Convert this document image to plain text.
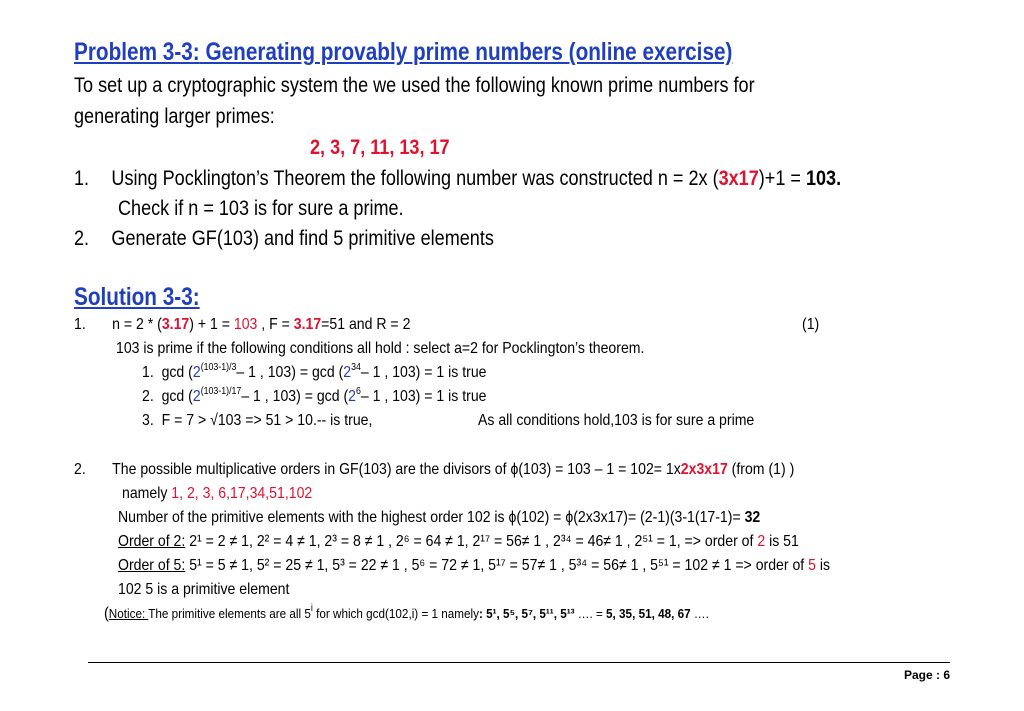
Problem 3-3: Generating provably prime numbers (online exercise)
To set up a cryptographic system the we used the following known prime numbers for
generating larger primes:
2, 3, 7, 11, 13, 17
1. Using Pocklington’s Theorem the following number was constructed n = 2x (3x17)+1 = 103.
Check if n = 103 is for sure a prime.
2. Generate GF(103) and find 5 primitive elements
Solution 3-3:
1. n = 2 * (3.17) + 1 = 103 , F = 3.17=51 and R = 2	(1)
103 is prime if the following conditions all hold : select a=2 for Pocklington’s theorem.
1. $\gcd (2^{(103-1)/3}-$ 1 , $103) = \gcd (2^{34}-$ 1 , 103) = 1 is true
2. $\gcd (2^{(103-1)/17}-$ 1 , $103) = \gcd (2^6-$ 1 , 103) = 1 is true
3. F = 7 > √103 => 51 > 10.-- is true,	As all conditions hold,103 is for sure a prime
2. The possible multiplicative orders in GF(103) are the divisors of ϕ(103) = 103 – 1 = 102= 1x2x3x17 (from (1) )
namely 1, 2, 3, 6,17,34,51,102
Number of the primitive elements with the highest order 102 is ϕ(102) = ϕ(2x3x17)= (2-1)(3-1(17-1)= 32
Order of 2: 2¹ = 2 ≠ 1, 2² = 4 ≠ 1, 2³ = 8 ≠ 1 , 2⁶ = 64 ≠ 1, 2¹⁷ = 56≠ 1 , 2³⁴ = 46≠ 1 , 2⁵¹ = 1, => order of 2 is 51
Order of 5: 5¹ = 5 ≠ 1, 5² = 25 ≠ 1, 5³ = 22 ≠ 1 , 5⁶ = 72 ≠ 1, 5¹⁷ = 57≠ 1 , 5³⁴ = 56≠ 1 , 5⁵¹ = 102 ≠ 1 => order of 5 is
102 5 is a primitive element
(Notice: The primitive elements are all 5$^i$ for which gcd(102,i) = 1 namely: 5¹, 5⁵, 5⁷, 5¹¹, 5¹³ …. = 5, 35, 51, 48, 67 ….
Page : 6
